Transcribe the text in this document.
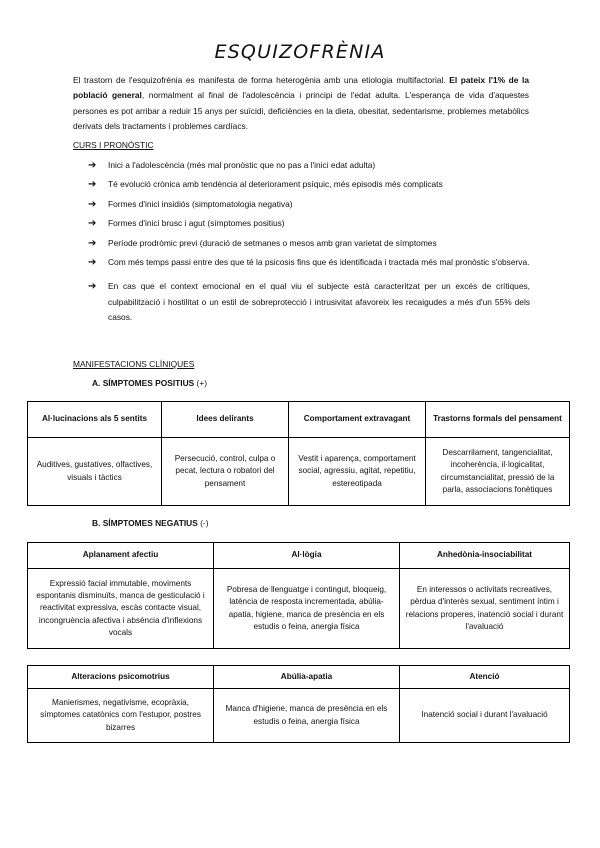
ESQUIZOFRÈNIA

El trastorn de l'esquizofrènia es manifesta de forma heterogènia amb una etiologia multifactorial. El pateix l'1% de la població general, normalment al final de l'adolescència i principi de l'edat adulta. L'esperança de vida d'aquestes persones es pot arribar a reduir 15 anys per suïcidi, deficiències en la dieta, obesitat, sedentarisme, problemes metabòlics derivats dels tractaments i problemes cardíacs.

CURS I PRONÒSTIC
➔ Inici a l'adolescència (més mal pronòstic que no pas a l'inici edat adulta)
➔ Té evolució crònica amb tendència al deteriorament psíquic, més episodis més complicats
➔ Formes d'inici insidiós (simptomatologia negativa)
➔ Formes d'inici brusc i agut (símptomes positius)
➔ Període prodròmic previ (duració de setmanes o mesos amb gran varietat de símptomes
➔ Com més temps passi entre des que té la psicosis fins que és identificada i tractada més mal pronòstic s'observa.
➔ En cas que el context emocional en el qual viu el subjecte està caracteritzat per un excés de crítiques, culpabilització i hostilitat o un estil de sobreprotecció i intrusivitat afavoreix les recaigudes a més d'un 55% dels casos.
MANIFESTACIONS CLÍNIQUES
A. SÍMPTOMES POSITIUS (+)
Al·lucinacions als 5 sentits	Idees delirants	Comportament extravagant	Trastorns formals del pensament
Auditives, gustatives, olfactives, visuals i tàctics	Persecució, control, culpa o pecat, lectura o robatori del pensament	Vestit i aparença, comportament social, agressiu, agitat, repetitiu, estereotipada	Descarrilament, tangencialitat, incoherència, il·logicalitat, circumstancialitat, pressió de la parla, associacions fonètiques
B. SÍMPTOMES NEGATIUS (-)
Aplanament afectiu	Al·lògia	Anhedònia-insociabilitat
Expressió facial immutable, moviments espontanis disminuïts, manca de gesticulació i reactivitat expressiva, escàs contacte visual, incongruència afectiva i absència d'inflexions vocals	Pobresa de llenguatge i contingut, bloqueig, latència de resposta incrementada, abúlia-apatia, higiene, manca de presència en els estudis o feina, anergia física	En interessos o activitats recreatives, pèrdua d'interès sexual, sentiment íntim i relacions properes, inatenció social i durant l'avaluació
Alteracions psicomotrius	Abúlia-apatia	Atenció
Manierismes, negativisme, ecopràxia, símptomes catatònics com l'estupor, postres bizarres	Manca d'higiene, manca de presència en els estudis o feina, anergia física	Inatenció social i durant l'avaluació
